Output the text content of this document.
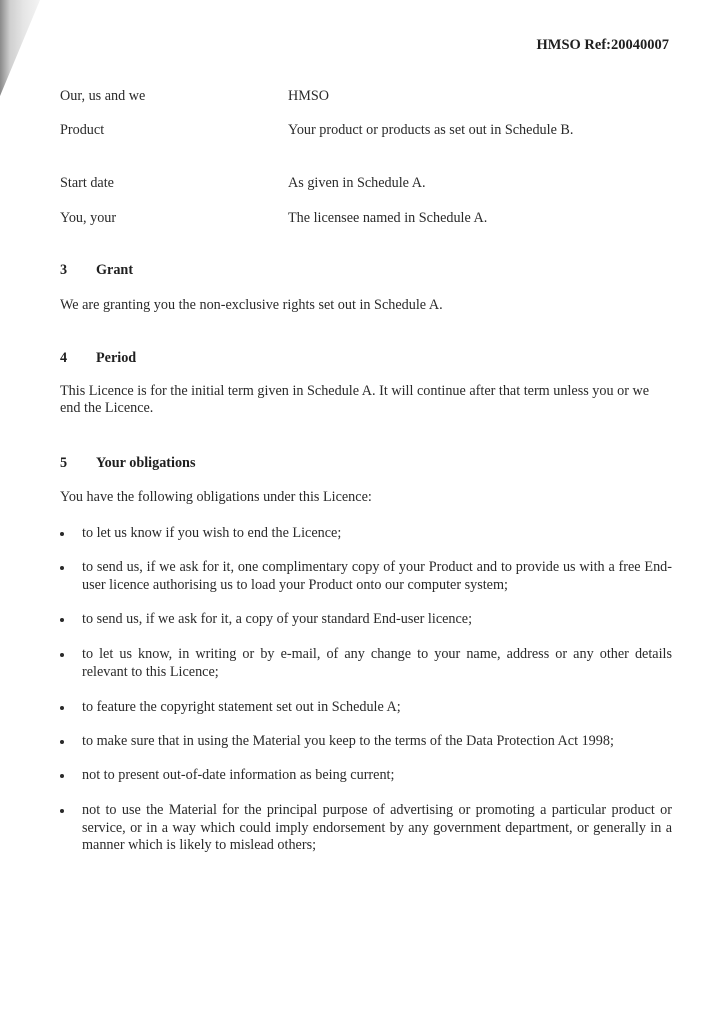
HMSO Ref:20040007
Our, us and we	HMSO
Product	Your product or products as set out in Schedule B.
Start date	As given in Schedule A.
You, your	The licensee named in Schedule A.
3 Grant
We are granting you the non-exclusive rights set out in Schedule A.
4 Period
This Licence is for the initial term given in Schedule A. It will continue after that term unless you or we end the Licence.
5 Your obligations
You have the following obligations under this Licence:
to let us know if you wish to end the Licence;
to send us, if we ask for it, one complimentary copy of your Product and to provide us with a free End-user licence authorising us to load your Product onto our computer system;
to send us, if we ask for it, a copy of your standard End-user licence;
to let us know, in writing or by e-mail, of any change to your name, address or any other details relevant to this Licence;
to feature the copyright statement set out in Schedule A;
to make sure that in using the Material you keep to the terms of the Data Protection Act 1998;
not to present out-of-date information as being current;
not to use the Material for the principal purpose of advertising or promoting a particular product or service, or in a way which could imply endorsement by any government department, or generally in a manner which is likely to mislead others;
